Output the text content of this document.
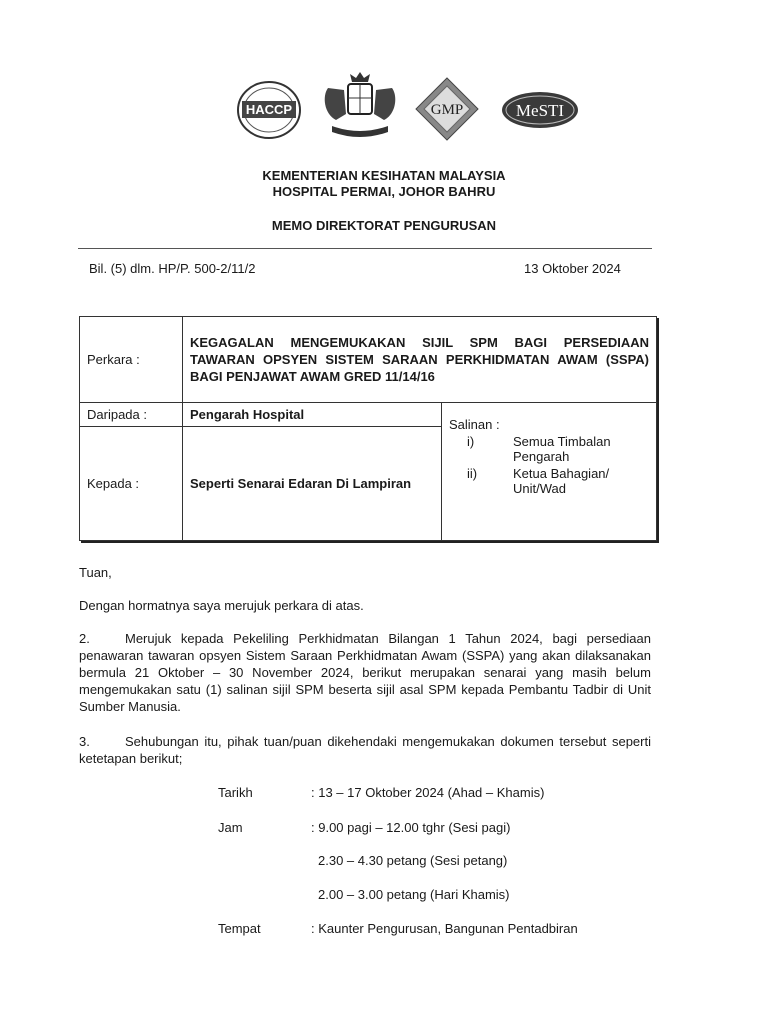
HACCP	GMP	MeSTI
KEMENTERIAN KESIHATAN MALAYSIA
HOSPITAL PERMAI, JOHOR BAHRU
MEMO DIREKTORAT PENGURUSAN
Bil. (5) dlm. HP/P. 500-2/11/2	13 Oktober 2024
Perkara :	KEGAGALAN MENGEMUKAKAN SIJIL SPM BAGI PERSEDIAAN TAWARAN OPSYEN SISTEM SARAAN PERKHIDMATAN AWAM (SSPA) BAGI PENJAWAT AWAM GRED 11/14/16	
Daripada :	Pengarah Hospital	Salinan :
i) Semua Timbalan Pengarah
ii) Ketua Bahagian/ Unit/Wad

Kepada :	Seperti Senarai Edaran Di Lampiran	
Tuan,
Dengan hormatnya saya merujuk perkara di atas.
2.	Merujuk kepada Pekeliling Perkhidmatan Bilangan 1 Tahun 2024, bagi persediaan penawaran tawaran opsyen Sistem Saraan Perkhidmatan Awam (SSPA) yang akan dilaksanakan bermula 21 Oktober – 30 November 2024, berikut merupakan senarai yang masih belum mengemukakan satu (1) salinan sijil SPM beserta sijil asal SPM kepada Pembantu Tadbir di Unit Sumber Manusia.
3.	Sehubungan itu, pihak tuan/puan dikehendaki mengemukakan dokumen tersebut seperti ketetapan berikut;
Tarikh	: 13 – 17 Oktober 2024 (Ahad – Khamis)
Jam	: 9.00 pagi – 12.00 tghr (Sesi pagi)
2.30 – 4.30 petang (Sesi petang)
2.00 – 3.00 petang (Hari Khamis)
Tempat	: Kaunter Pengurusan, Bangunan Pentadbiran
